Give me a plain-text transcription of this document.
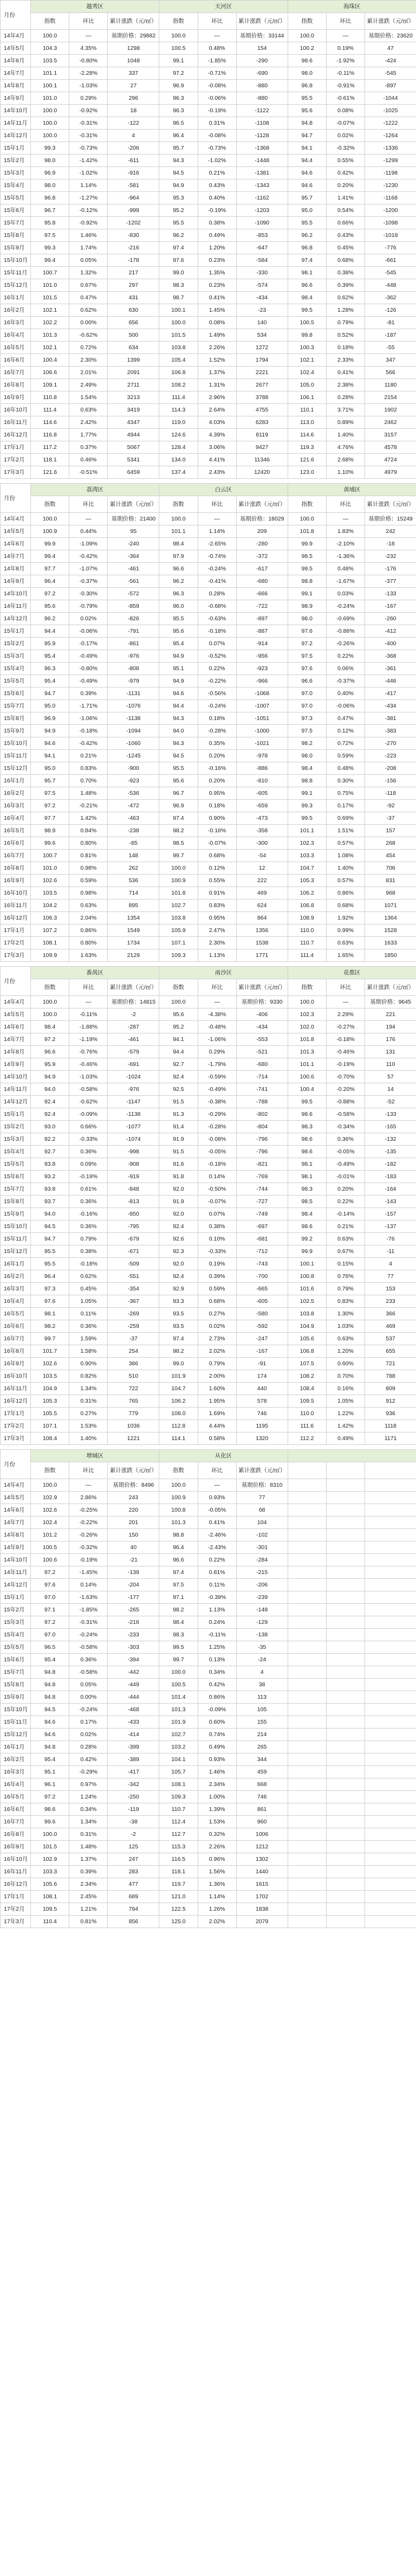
月份	越秀区			天河区			海珠区		
	指数	环比	累计涨跌（元/㎡）	指数	环比	累计涨跌（元/㎡）	指数	环比	累计涨跌（元/㎡）
14年4月	100.0	—	基期价格：29882	100.0	—	基期价格：33144	100.0	—	基期价格：23620
14年5月	104.3	4.35%	1298	100.5	0.48%	154	100.2	0.19%	47
14年6月	103.5	-0.80%	1048	99.1	-1.85%	-290	98.6	-1.92%	-424
14年7月	101.1	-2.28%	337	97.2	-0.71%	-690	98.0	-0.11%	-545
14年8月	100.1	-1.03%	27	96.9	-0.08%	-880	96.8	-0.91%	-897
14年9月	101.0	0.29%	296	96.3	-0.06%	-880	95.5	-0.61%	-1044
14年10月	100.0	-0.92%	18	96.3	-0.19%	-1122	95.6	0.08%	-1025
14年11月	100.0	-0.31%	-122	96.5	0.31%	-1108	94.8	-0.07%	-1222
14年12月	100.0	-0.31%	4	96.4	-0.08%	-1128	94.7	0.02%	-1264
15年1月	99.3	-0.73%	-206	95.7	-0.73%	-1368	94.1	-0.32%	-1336
15年2月	98.0	-1.42%	-611	94.3	-1.02%	-1448	94.4	0.55%	-1299
15年3月	96.9	-1.02%	-916	94.5	0.21%	-1381	94.6	0.42%	-1198
15年4月	98.0	1.14%	-581	94.9	0.43%	-1343	94.6	0.20%	-1230
15年5月	96.8	-1.27%	-964	95.3	0.40%	-1162	95.7	1.41%	-1168
15年6月	96.7	-0.12%	-999	95.2	-0.19%	-1203	95.0	0.54%	-1200
15年7月	95.8	-0.92%	-1202	95.5	0.38%	-1090	95.5	0.66%	-1098
15年8月	97.5	1.46%	-830	96.2	0.49%	-853	96.2	0.43%	-1018
15年9月	99.3	1.74%	-216	97.4	1.20%	-647	96.8	0.45%	-776
15年10月	99.4	0.05%	-178	97.6	0.23%	-584	97.4	0.68%	-661
15年11月	100.7	1.32%	217	99.0	1.35%	-330	98.1	0.38%	-545
15年12月	101.0	0.67%	297	98.3	0.23%	-574	96.6	0.39%	-448
16年1月	101.5	0.47%	431	98.7	0.41%	-434	98.4	0.62%	-362
16年2月	102.1	0.62%	630	100.1	1.45%	-23	99.5	1.28%	-126
16年3月	102.2	0.00%	656	100.0	0.08%	140	100.5	0.79%	-81
16年4月	101.3	-0.62%	500	101.5	1.49%	534	99.8	0.52%	-187
16年5月	102.1	0.72%	634	103.8	2.26%	1272	100.3	0.18%	-55
16年6月	100.4	2.30%	1399	105.4	1.52%	1794	102.1	2.33%	347
16年7月	106.6	2.01%	2091	106.8	1.37%	2221	102.4	0.41%	566
16年8月	109.1	2.49%	2711	108.2	1.31%	2677	105.0	2.38%	1180
16年9月	110.8	1.54%	3213	111.4	2.96%	3788	106.1	0.28%	2154
16年10月	111.4	0.63%	3419	114.3	2.64%	4755	110.1	3.71%	1902
16年11月	114.6	2.42%	4347	119.0	4.03%	6283	113.0	0.89%	2462
16年12月	116.8	1.77%	4944	124.6	4.39%	8119	114.6	1.40%	3157
17年1月	117.2	0.37%	5067	128.4	3.06%	9427	119.3	4.76%	4578
17年2月	118.1	0.46%	5341	134.0	4.41%	11346	121.6	2.68%	4724
17年3月	121.6	-0.51%	6459	137.4	2.43%	12420	123.0	1.10%	4979
月份	荔湾区			白云区			黄埔区		
	指数	环比	累计涨跌（元/㎡）	指数	环比	累计涨跌（元/㎡）	指数	环比	累计涨跌（元/㎡）
14年4月	100.0	—	基期价格：21400	100.0	—	基期价格：18029	100.0	—	基期价格：15249
14年5月	100.9	0.44%	95	101.1	1.14%	209	101.8	1.83%	242
14年6月	99.9	-1.09%	-240	98.4	-2.65%	-280	99.9	-2.10%	-18
14年7月	99.4	-0.42%	-364	97.9	-0.74%	-372	98.5	-1.36%	-232
14年8月	97.7	-1.07%	-461	96.6	-0.24%	-617	99.5	0.48%	-176
14年9月	96.4	-0.37%	-561	96.2	-0.41%	-680	98.8	-1.67%	-377
14年10月	97.2	-0.30%	-572	96.3	0.28%	-666	99.1	0.03%	-133
14年11月	95.6	-0.79%	-859	96.0	-0.68%	-722	98.9	-0.24%	-167
14年12月	96.2	0.02%	-826	95.5	-0.63%	-897	98.0	-0.69%	-260
15年1月	94.4	-0.06%	-791	95.6	-0.18%	-887	97.6	-0.86%	-412
15年2月	95.9	-0.17%	-861	95.4	0.07%	-914	97.2	-0.26%	-400
15年3月	95.4	-0.49%	-976	94.9	-0.52%	-956	97.5	0.22%	-368
15年4月	96.3	-0.80%	-808	95.1	0.22%	-923	97.6	0.06%	-361
15年5月	95.4	-0.49%	-979	94.9	-0.22%	-966	96.6	-0.37%	-446
15年6月	94.7	0.39%	-1131	94.6	-0.56%	-1068	97.0	0.40%	-417
15年7月	95.0	-1.71%	-1076	94.4	-0.24%	-1007	97.0	-0.06%	-434
15年8月	96.9	-1.06%	-1138	94.3	0.18%	-1051	97.3	0.47%	-381
15年9月	94.9	-0.18%	-1094	94.0	-0.28%	-1000	97.5	0.12%	-383
15年10月	94.6	-0.42%	-1060	94.3	0.35%	-1021	98.2	0.72%	-270
15年11月	94.1	0.21%	-1245	94.5	0.20%	-978	98.0	0.59%	-223
15年12月	95.0	0.83%	-900	95.5	-0.16%	-886	98.4	0.48%	-208
16年1月	95.7	0.70%	-923	95.6	0.20%	-810	98.8	0.30%	-156
16年2月	97.5	1.48%	-536	96.7	0.95%	-605	99.1	0.75%	-118
16年3月	97.2	-0.21%	-472	96.9	0.18%	-659	99.3	0.17%	-92
16年4月	97.7	1.42%	-463	97.4	0.90%	-473	99.5	0.69%	-37
16年5月	98.9	0.84%	-238	98.2	-0.16%	-358	101.1	1.51%	157
16年6月	99.6	0.80%	-85	98.5	-0.07%	-300	102.3	0.57%	268
16年7月	100.7	0.81%	148	99.7	0.68%	-54	103.3	1.08%	454
16年8月	101.0	0.98%	262	100.0	0.12%	12	104.7	1.40%	706
16年9月	102.6	0.59%	536	100.9	0.55%	222	105.3	0.57%	831
16年10月	103.5	0.98%	714	101.8	0.91%	469	106.2	0.86%	968
16年11月	104.2	0.63%	895	102.7	0.83%	624	106.8	0.68%	1071
16年12月	106.3	2.04%	1354	103.8	0.95%	864	108.9	1.92%	1364
17年1月	107.2	0.86%	1549	105.9	2.47%	1356	110.0	0.99%	1528
17年2月	108.1	0.80%	1734	107.1	2.30%	1538	110.7	0.63%	1633
17年3月	109.9	1.63%	2129	109.3	1.13%	1771	111.4	1.65%	1850
月份	番禺区			南沙区			花都区		
	指数	环比	累计涨跌（元/㎡）	指数	环比	累计涨跌（元/㎡）	指数	环比	累计涨跌（元/㎡）
14年4月	100.0	—	基期价格：14815	100.0	—	基期价格：9330	100.0	—	基期价格：9645
14年5月	100.0	-0.11%	-2	95.6	-4.38%	-406	102.3	2.29%	221
14年6月	98.4	-1.88%	-287	95.2	-0.48%	-434	102.0	-0.27%	194
14年7月	97.2	-1.19%	-461	94.1	-1.06%	-553	101.8	-0.18%	176
14年8月	96.6	-0.76%	-579	94.4	0.29%	-521	101.3	-0.46%	131
14年9月	95.9	-0.46%	-691	92.7	-1.79%	-680	101.1	-0.19%	110
14年10月	94.9	-1.03%	-1024	92.4	-0.59%	-714	100.6	-0.70%	57
14年11月	94.0	-0.58%	-976	92.5	-0.49%	-741	100.4	-0.20%	14
14年12月	92.4	-0.62%	-1147	91.5	-0.38%	-788	99.5	-0.88%	-52
15年1月	92.4	-0.09%	-1138	91.3	-0.29%	-802	98.6	-0.58%	-133
15年2月	93.0	0.66%	-1077	91.4	-0.28%	-804	98.3	-0.34%	-165
15年3月	92.2	-0.33%	-1074	91.9	-0.08%	-796	98.6	0.36%	-132
15年4月	92.7	0.36%	-998	91.5	-0.05%	-796	98.6	-0.05%	-135
15年5月	93.8	0.09%	-908	91.6	-0.18%	-821	98.1	-0.49%	-182
15年6月	93.2	-0.19%	-919	91.8	0.14%	-769	98.1	-0.01%	-183
15年7月	93.8	0.61%	-848	92.0	-0.50%	-744	98.3	0.20%	-164
15年8月	93.7	0.36%	-813	91.9	-0.07%	-727	98.5	0.22%	-143
15年9月	94.0	-0.16%	-850	92.0	0.07%	-749	98.4	-0.14%	-157
15年10月	94.5	0.36%	-795	92.4	0.38%	-697	98.6	0.21%	-137
15年11月	94.7	0.79%	-679	92.6	0.10%	-681	99.2	0.63%	-76
15年12月	95.5	0.38%	-671	92.3	-0.33%	-712	99.9	0.67%	-11
16年1月	95.5	-0.18%	-509	92.0	0.19%	-743	100.1	0.15%	4
16年2月	96.4	0.62%	-551	92.4	0.39%	-700	100.8	0.76%	77
16年3月	97.3	0.45%	-354	92.9	0.59%	-665	101.6	0.79%	153
16年4月	97.6	1.05%	-367	93.3	0.68%	-605	102.5	0.83%	233
16年5月	98.1	0.11%	-269	93.5	0.27%	-580	103.8	1.30%	366
16年6月	98.2	0.36%	-259	93.5	0.02%	-592	104.9	1.03%	469
16年7月	99.7	1.59%	-37	97.4	2.73%	-247	105.6	0.63%	537
16年8月	101.7	1.58%	254	98.2	2.02%	-167	106.8	1.20%	655
16年9月	102.6	0.90%	386	99.0	0.79%	-91	107.5	0.60%	721
16年10月	103.5	0.82%	510	101.9	2.00%	174	108.2	0.70%	788
16年11月	104.9	1.34%	722	104.7	1.60%	440	108.4	0.16%	809
16年12月	105.3	0.31%	765	106.2	1.95%	578	109.5	1.05%	912
17年1月	105.5	0.27%	779	108.0	1.69%	746	110.0	1.22%	936
17年2月	107.1	1.53%	1036	112.8	4.44%	1195	111.6	1.42%	1118
17年3月	108.4	1.40%	1221	114.1	0.58%	1320	112.2	0.49%	1171
月份	增城区			从化区					
	指数	环比	累计涨跌（元/㎡）	指数	环比	累计涨跌（元/㎡）			
14年4月	100.0	—	基期价格：8496	100.0	—	基期价格：8310			
14年5月	102.9	2.86%	243	100.9	0.93%	77			
14年6月	102.6	-0.25%	220	100.8	-0.05%	68			
14年7月	102.4	-0.22%	201	101.3	0.41%	104			
14年8月	101.2	-0.26%	150	98.8	-2.46%	-102			
14年9月	100.5	-0.32%	40	96.4	-2.43%	-301			
14年10月	100.6	-0.19%	-21	96.6	0.22%	-284			
14年11月	97.2	-1.45%	-139	97.4	0.81%	-215			
14年12月	97.6	0.14%	-204	97.5	0.11%	-206			
15年1月	97.0	-1.63%	-177	97.1	-0.39%	-239			
15年2月	97.1	-1.85%	-265	98.2	1.13%	-148			
15年3月	97.2	-0.31%	-216	98.4	0.24%	-129			
15年4月	97.0	-0.24%	-233	98.3	-0.11%	-138			
15年5月	96.5	-0.58%	-303	99.5	1.25%	-35			
15年6月	95.4	0.36%	-394	99.7	0.13%	-24			
15年7月	94.8	-0.58%	-442	100.0	0.34%	4			
15年8月	94.8	0.05%	-449	100.5	0.42%	38			
15年9月	94.8	0.00%	-444	101.4	0.86%	113			
15年10月	94.5	-0.24%	-468	101.3	-0.09%	105			
15年11月	94.6	0.17%	-433	101.9	0.60%	155			
15年12月	94.6	0.02%	-414	102.7	0.74%	214			
16年1月	94.8	0.28%	-399	103.2	0.49%	265			
16年2月	95.4	0.42%	-389	104.1	0.93%	344			
16年3月	95.1	-0.29%	-417	105.7	1.46%	459			
16年4月	96.1	0.97%	-342	108.1	2.34%	668			
16年5月	97.2	1.24%	-250	109.3	1.00%	746			
16年6月	98.6	0.34%	-119	110.7	1.39%	861			
16年7月	99.6	1.34%	-38	112.4	1.53%	960			
16年8月	100.0	0.31%	-2	112.7	0.32%	1006			
16年9月	101.5	1.48%	125	115.3	2.26%	1212			
16年10月	102.9	1.37%	247	116.5	0.96%	1302			
16年11月	103.3	0.39%	283	118.1	1.56%	1440			
16年12月	105.6	2.34%	477	119.7	1.36%	1615			
17年1月	108.1	2.45%	689	121.0	1.14%	1702			
17年2月	109.5	1.21%	794	122.5	1.26%	1838			
17年3月	110.4	0.81%	856	125.0	2.02%	2079			
